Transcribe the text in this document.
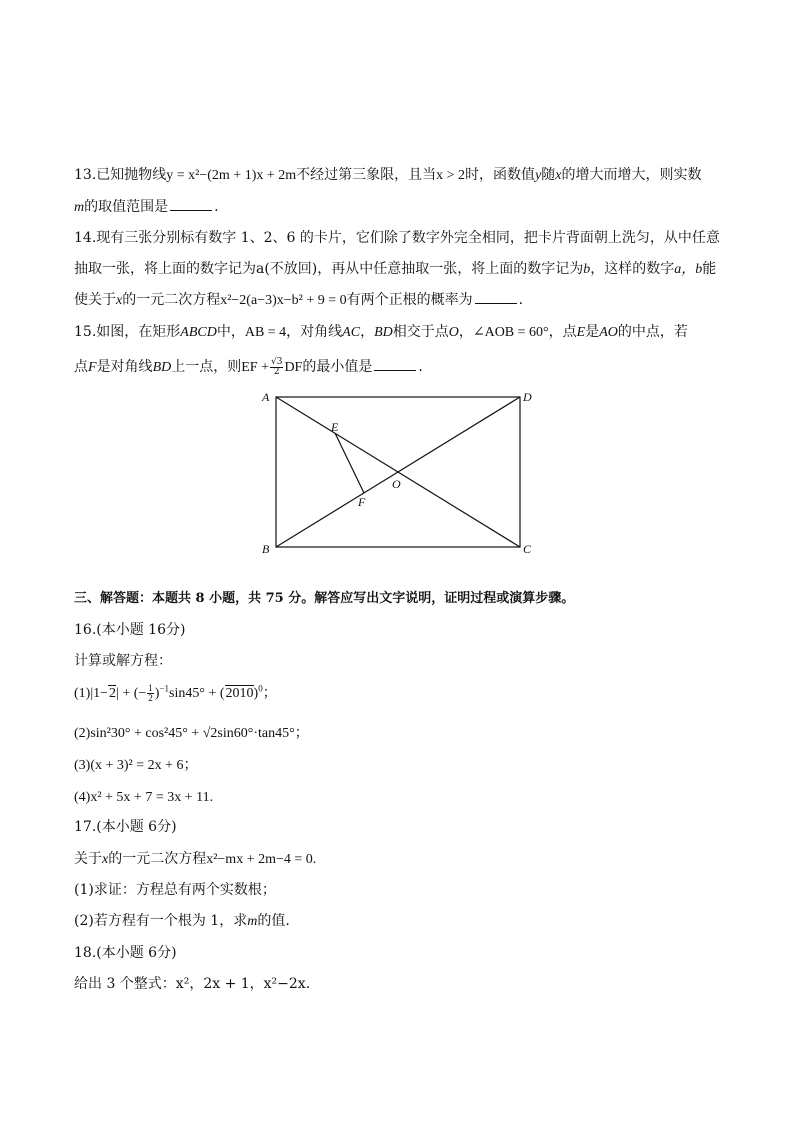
13.已知抛物线y = x²−(2m + 1)x + 2m不经过第三象限，且当x > 2时，函数值y随x的增大而增大，则实数
m的取值范围是	.
14.现有三张分别标有数字 1、2、6 的卡片，它们除了数字外完全相同，把卡片背面朝上洗匀，从中任意
抽取一张，将上面的数字记为a(不放回)，再从中任意抽取一张，将上面的数字记为b，这样的数字a，b能
使关于x的一元二次方程x²−2(a−3)x−b² + 9 = 0有两个正根的概率为	.
15.如图，在矩形ABCD中，AB = 4，对角线AC，BD相交于点O，∠AOB = 60°，点E是AO的中点，若
点F是对角线BD上一点，则EF + $\frac{√3}{2}$ DF的最小值是	.
A	D
B	C
E
F
O
三、解答题：本题共 8 小题，共 75 分。解答应写出文字说明，证明过程或演算步骤。
16.(本小题 16分)
计算或解方程：
(1)|1−2| + (− $\frac{1}{2} )^{-1}\sin 45^\circ + (2010)^0$；
(2)sin²30° + cos²45° + √2sin60°·tan45°；
(3)(x + 3)² = 2x + 6；
(4)x² + 5x + 7 = 3x + 11.
17.(本小题 6分)
关于x的一元二次方程x²−mx + 2m−4 = 0.
(1)求证：方程总有两个实数根；
(2)若方程有一个根为 1，求m的值.
18.(本小题 6分)
给出 3 个整式：x²，2x + 1，x²−2x.
